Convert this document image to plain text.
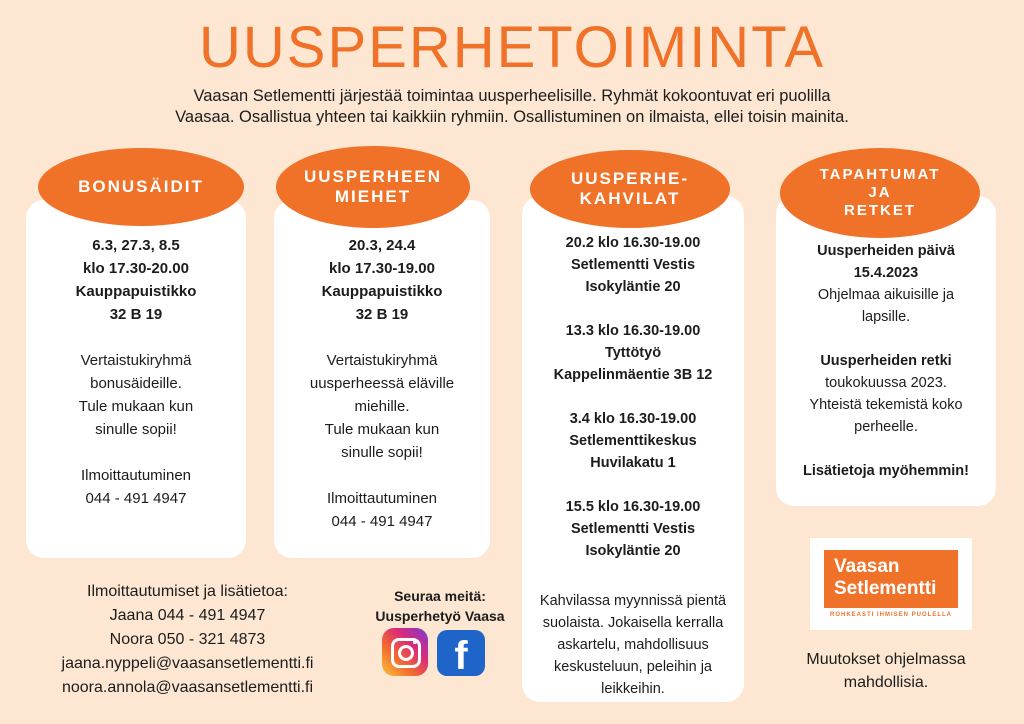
UUSPERHETOIMINTA
Vaasan Setlementti järjestää toimintaa uusperheelisille. Ryhmät kokoontuvat eri puolilla
Vaasaa. Osallistua yhteen tai kaikkiin ryhmiin. Osallistuminen on ilmaista, ellei toisin mainita.

6.3, 27.3, 8.5

klo 17.30-20.00

Kauppapuistikko

32 B 19

Vertaistukiryhmä

bonusäideille.

Tule mukaan kun

sinulle sopii!

Ilmoittautuminen

044 - 491 4947

BONUSÄIDIT

20.3, 24.4

klo 17.30-19.00

Kauppapuistikko

32 B 19

Vertaistukiryhmä

uusperheessä eläville

miehille.

Tule mukaan kun

sinulle sopii!

Ilmoittautuminen

044 - 491 4947

UUSPERHEEN
MIEHET

20.2 klo 16.30-19.00

Setlementti Vestis

Isokyläntie 20

13.3 klo 16.30-19.00

Tyttötyö

Kappelinmäentie 3B 12

3.4 klo 16.30-19.00

Setlementtikeskus

Huvilakatu 1

15.5 klo 16.30-19.00

Setlementti Vestis

Isokyläntie 20

Kahvilassa myynnissä pientä

suolaista. Jokaisella kerralla

askartelu, mahdollisuus

keskusteluun, peleihin ja

leikkeihin.

UUSPERHE-
KAHVILAT

Uusperheiden päivä

15.4.2023

Ohjelmaa aikuisille ja

lapsille.

Uusperheiden retki

toukokuussa 2023.

Yhteistä tekemistä koko

perheelle.

Lisätietoja myöhemmin!

TAPAHTUMAT
JA
RETKET
Ilmoittautumiset ja lisätietoa:
Jaana 044 - 491 4947
Noora 050 - 321 4873
jaana.nyppeli@vaasansetlementti.fi
noora.annola@vaasansetlementti.fi
Seuraa meitä:
Uusperhetyö Vaasa
f
Vaasan
Setlementti
ROHKEASTI IHMISEN PUOLELLA
Muutokset ohjelmassa
mahdollisia.
